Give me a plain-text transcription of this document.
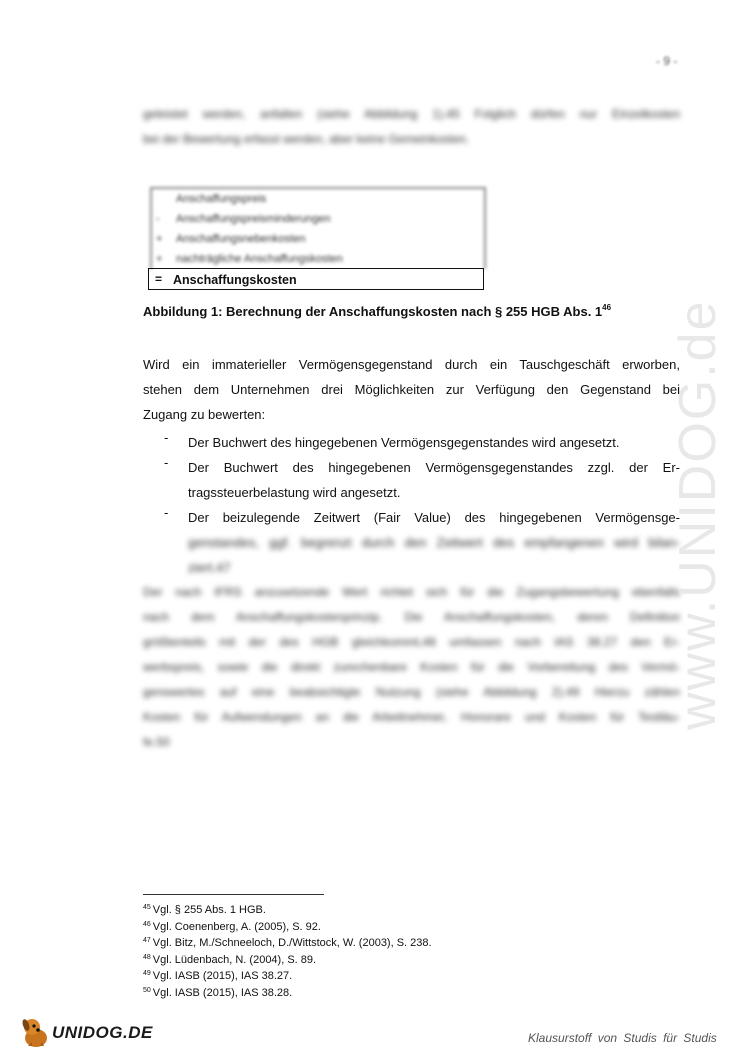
- 9 -
geleistet werden, anfallen (siehe Abbildung 1).45 Folglich dürfen nur Einzelkosten
bei der Bewertung erfasst werden, aber keine Gemeinkosten.
Anschaffungspreis
-	Anschaffungspreisminderungen
+	Anschaffungsnebenkosten
+	nachträgliche Anschaffungskosten
= Anschaffungskosten
Abbildung 1: Berechnung der Anschaffungskosten nach § 255 HGB Abs. $1^{46}$
Wird ein immaterieller Vermögensgegenstand durch ein Tauschgeschäft erworben,
stehen dem Unternehmen drei Möglichkeiten zur Verfügung den Gegenstand bei
Zugang zu bewerten:
- Der Buchwert des hingegebenen Vermögensgegenstandes wird angesetzt.
- Der Buchwert des hingegebenen Vermögensgegenstandes zzgl. der Er-
tragssteuerbelastung wird angesetzt.
- Der beizulegende Zeitwert (Fair Value) des hingegebenen Vermögensge-
genstandes, ggf. begrenzt durch den Zeitwert des empfangenen wird bilan-
ziert.47
Der nach IFRS anzusetzende Wert richtet sich für die Zugangsbewertung ebenfalls
nach dem Anschaffungskostenprinzip. Die Anschaffungskosten, deren Definition
größtenteils mit der des HGB gleichkommt,48 umfassen nach IAS 38.27 den Er-
werbspreis, sowie die direkt zurechenbare Kosten für die Vorbereitung des Vermö-
genswertes auf eine beabsichtigte Nutzung (siehe Abbildung 2).49 Hierzu zählen
Kosten für Aufwendungen an die Arbeitnehmer, Honorare und Kosten für Testläu-
fe.50
www.UNIDOG.de
$^{45}$ Vgl. § 255 Abs. 1 HGB.
$^{46}$ Vgl. Coenenberg, A. (2005), S. 92.
$^{47}$ Vgl. Bitz, M./Schneeloch, D./Wittstock, W. (2003), S. 238.
$^{48}$ Vgl. Lüdenbach, N. (2004), S. 89.
$^{49}$ Vgl. IASB (2015), IAS 38.27.
$^{50}$ Vgl. IASB (2015), IAS 38.28.
UNIDOG.DE	Klausurstoff von Studis für Studis
